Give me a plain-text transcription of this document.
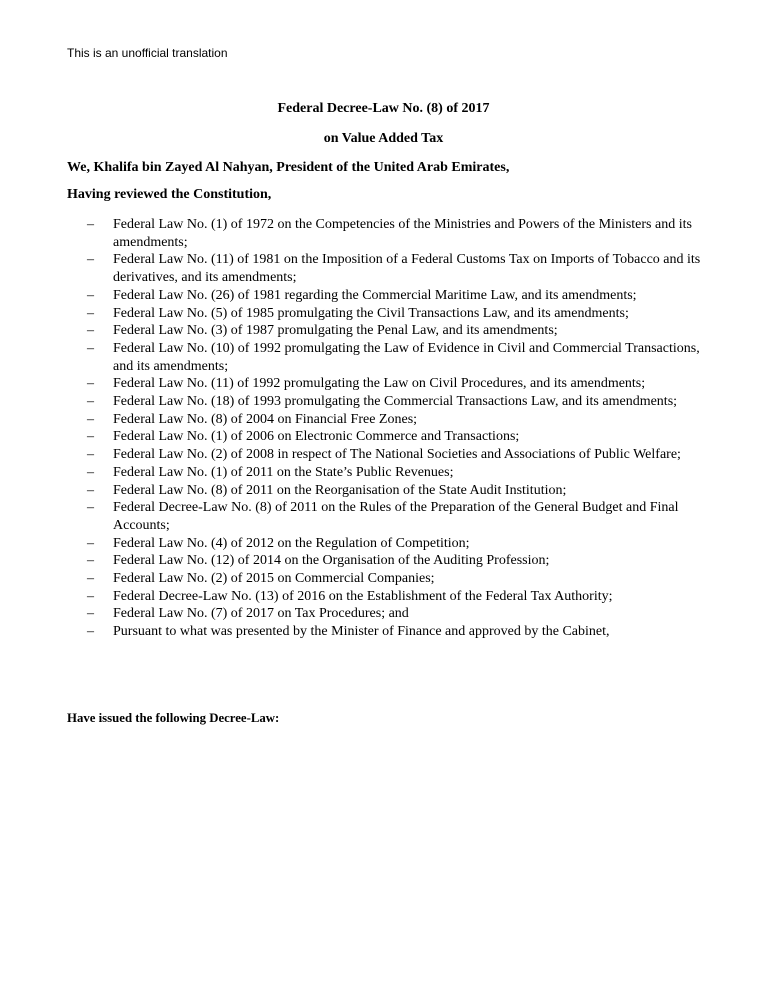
This is an unofficial translation
Federal Decree-Law No. (8) of 2017
on Value Added Tax
We, Khalifa bin Zayed Al Nahyan, President of the United Arab Emirates,
Having reviewed the Constitution,
– Federal Law No. (1) of 1972 on the Competencies of the Ministries and Powers of the Ministers and its amendments;
– Federal Law No. (11) of 1981 on the Imposition of a Federal Customs Tax on Imports of Tobacco and its derivatives, and its amendments;
– Federal Law No. (26) of 1981 regarding the Commercial Maritime Law, and its amendments;
– Federal Law No. (5) of 1985 promulgating the Civil Transactions Law, and its amendments;
– Federal Law No. (3) of 1987 promulgating the Penal Law, and its amendments;
– Federal Law No. (10) of 1992 promulgating the Law of Evidence in Civil and Commercial Transactions, and its amendments;
– Federal Law No. (11) of 1992 promulgating the Law on Civil Procedures, and its amendments;
– Federal Law No. (18) of 1993 promulgating the Commercial Transactions Law, and its amendments;
– Federal Law No. (8) of 2004 on Financial Free Zones;
– Federal Law No. (1) of 2006 on Electronic Commerce and Transactions;
– Federal Law No. (2) of 2008 in respect of The National Societies and Associations of Public Welfare;
– Federal Law No. (1) of 2011 on the State’s Public Revenues;
– Federal Law No. (8) of 2011 on the Reorganisation of the State Audit Institution;
– Federal Decree-Law No. (8) of 2011 on the Rules of the Preparation of the General Budget and Final Accounts;
– Federal Law No. (4) of 2012 on the Regulation of Competition;
– Federal Law No. (12) of 2014 on the Organisation of the Auditing Profession;
– Federal Law No. (2) of 2015 on Commercial Companies;
– Federal Decree-Law No. (13) of 2016 on the Establishment of the Federal Tax Authority;
– Federal Law No. (7) of 2017 on Tax Procedures; and
– Pursuant to what was presented by the Minister of Finance and approved by the Cabinet,
Have issued the following Decree-Law:
